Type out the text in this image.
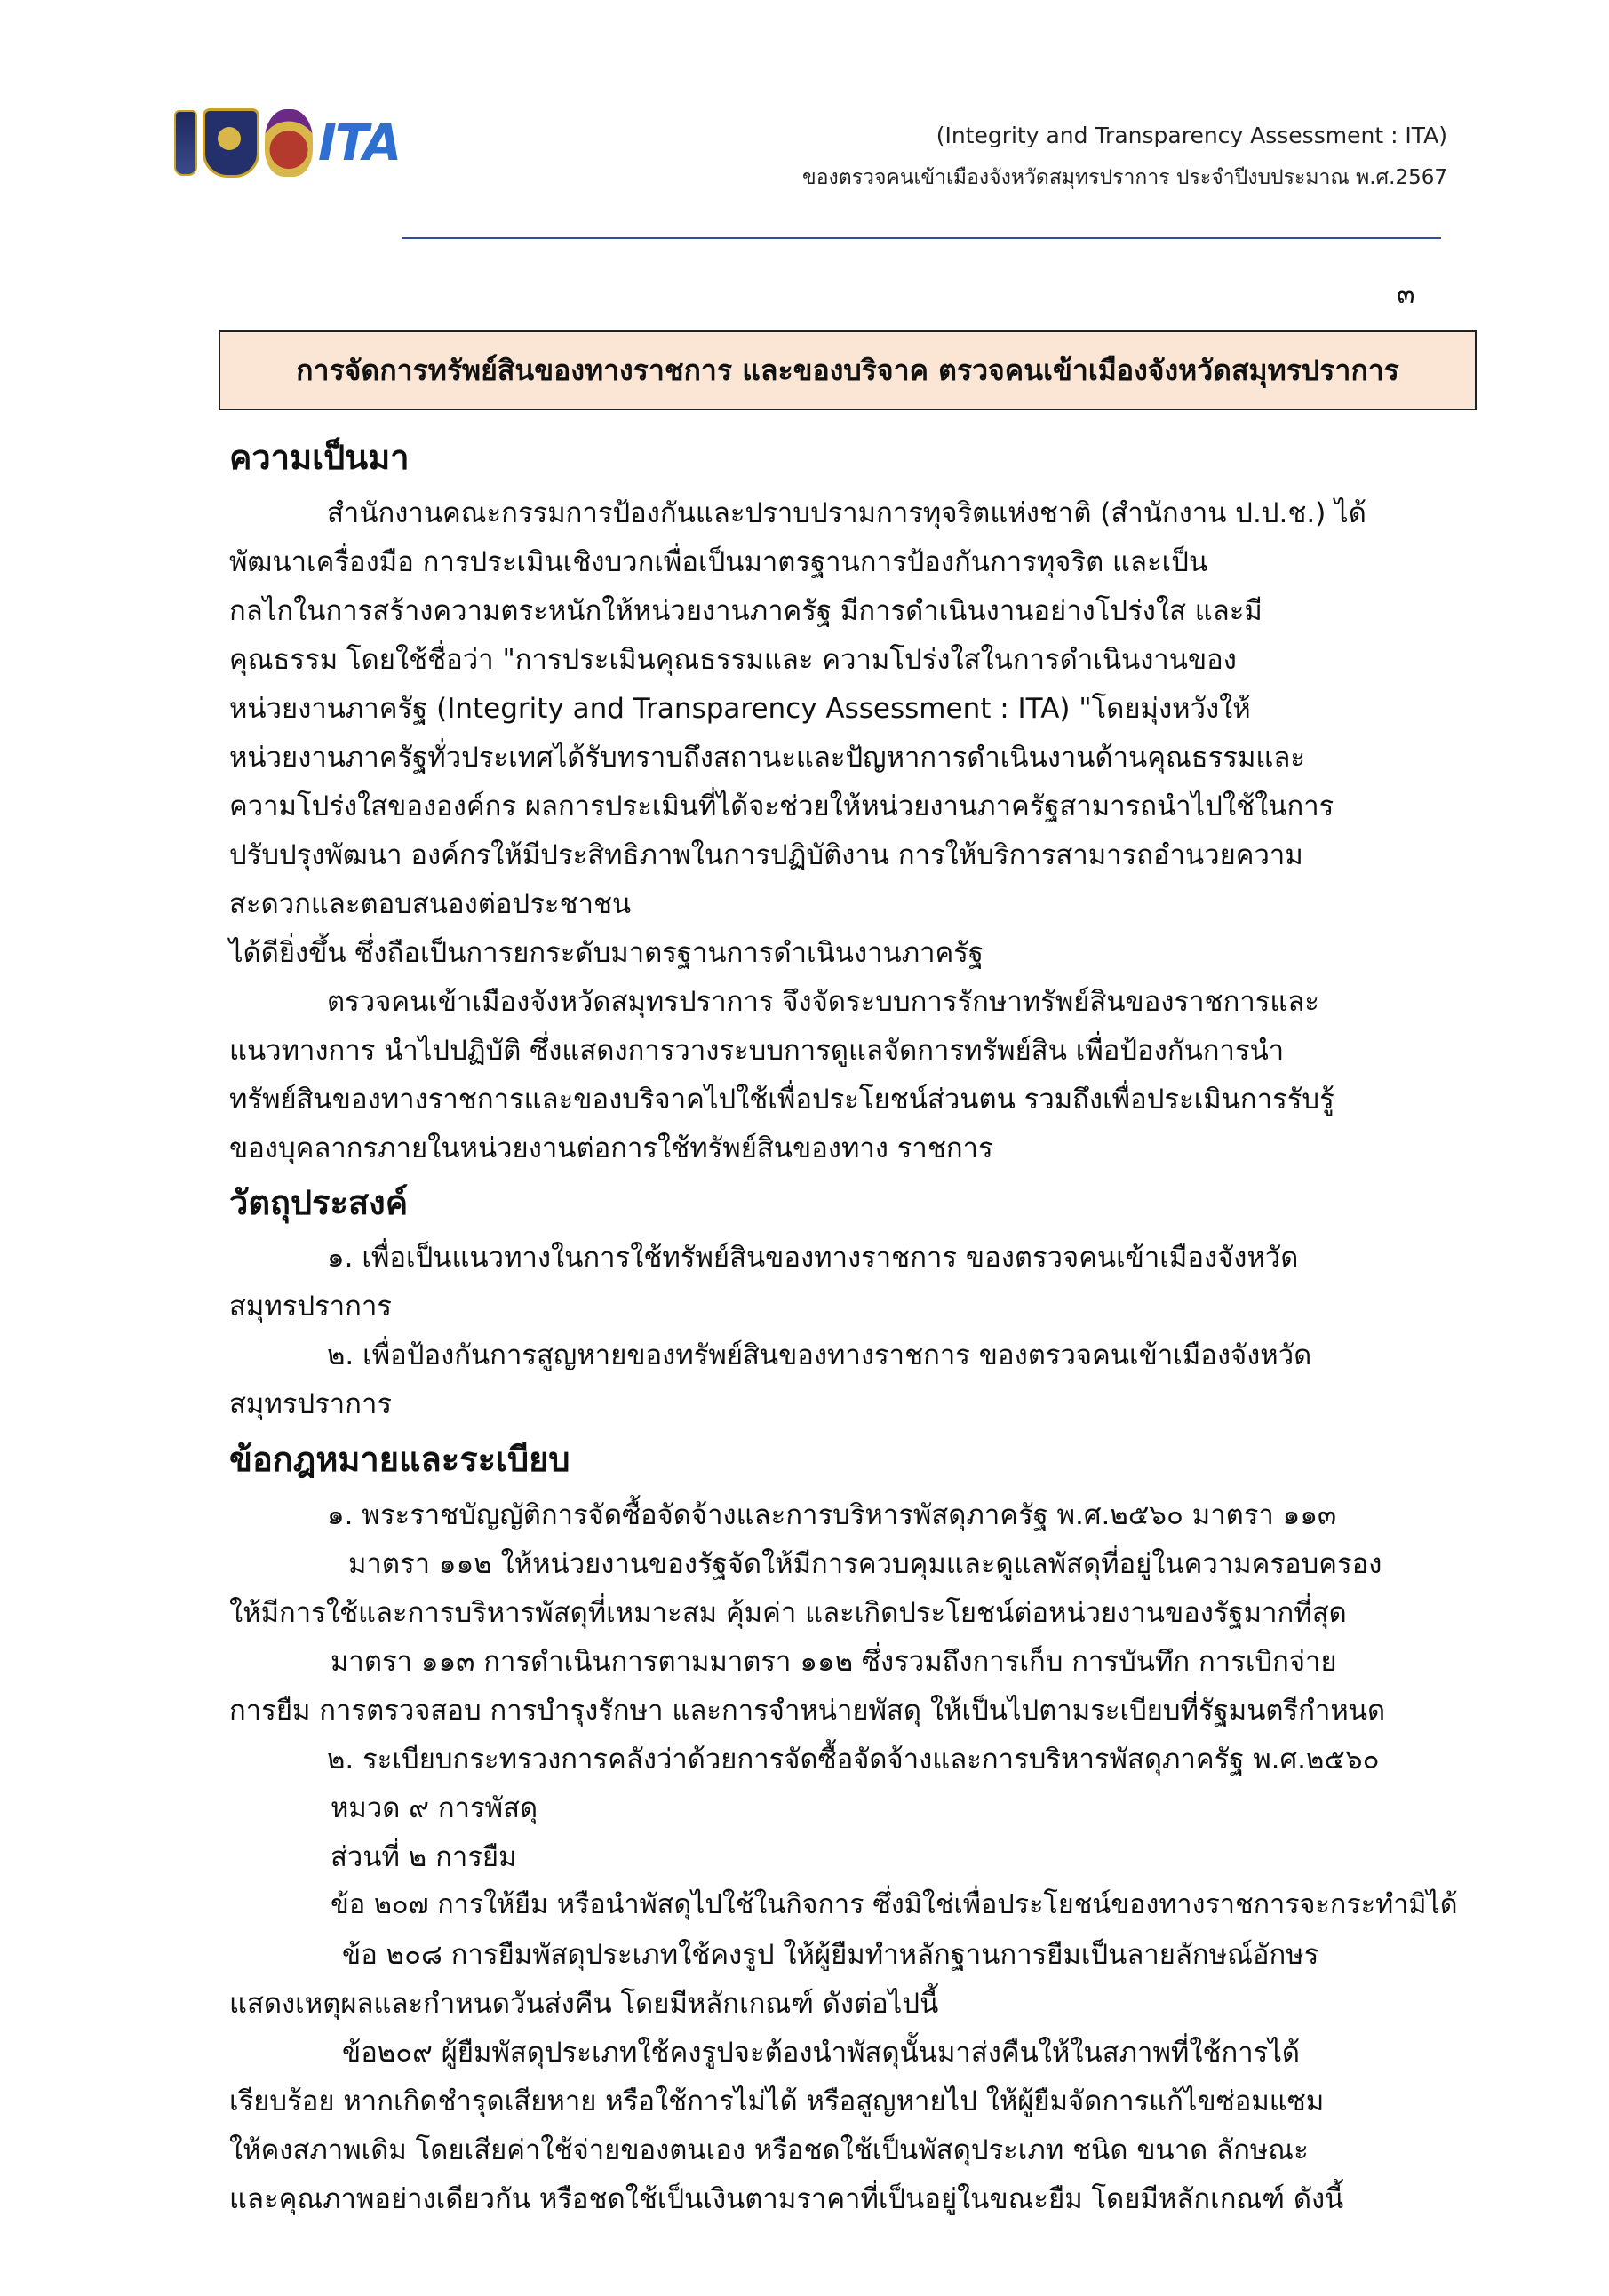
ITA	(Integrity and Transparency Assessment : ITA)
ของตรวจคนเข้าเมืองจังหวัดสมุทรปราการ ประจำปีงบประมาณ พ.ศ.2567
๓
การจัดการทรัพย์สินของทางราชการ และของบริจาค ตรวจคนเข้าเมืองจังหวัดสมุทรปราการ
ความเป็นมา
สำนักงานคณะกรรมการป้องกันและปราบปรามการทุจริตแห่งชาติ (สำนักงาน ป.ป.ช.) ได้
พัฒนาเครื่องมือ การประเมินเชิงบวกเพื่อเป็นมาตรฐานการป้องกันการทุจริต และเป็น
กลไกในการสร้างความตระหนักให้หน่วยงานภาครัฐ มีการดำเนินงานอย่างโปร่งใส และมี
คุณธรรม โดยใช้ชื่อว่า "การประเมินคุณธรรมและ ความโปร่งใสในการดำเนินงานของ
หน่วยงานภาครัฐ (Integrity and Transparency Assessment : ITA) "โดยมุ่งหวังให้
หน่วยงานภาครัฐทั่วประเทศได้รับทราบถึงสถานะและปัญหาการดำเนินงานด้านคุณธรรมและ
ความโปร่งใสขององค์กร ผลการประเมินที่ได้จะช่วยให้หน่วยงานภาครัฐสามารถนำไปใช้ในการ
ปรับปรุงพัฒนา องค์กรให้มีประสิทธิภาพในการปฏิบัติงาน การให้บริการสามารถอำนวยความ
สะดวกและตอบสนองต่อประชาชน
ได้ดียิ่งขึ้น ซึ่งถือเป็นการยกระดับมาตรฐานการดำเนินงานภาครัฐ
ตรวจคนเข้าเมืองจังหวัดสมุทรปราการ จึงจัดระบบการรักษาทรัพย์สินของราชการและ
แนวทางการ นำไปปฏิบัติ ซึ่งแสดงการวางระบบการดูแลจัดการทรัพย์สิน เพื่อป้องกันการนำ
ทรัพย์สินของทางราชการและของบริจาคไปใช้เพื่อประโยชน์ส่วนตน รวมถึงเพื่อประเมินการรับรู้
ของบุคลากรภายในหน่วยงานต่อการใช้ทรัพย์สินของทาง ราชการ
วัตถุประสงค์
๑. เพื่อเป็นแนวทางในการใช้ทรัพย์สินของทางราชการ ของตรวจคนเข้าเมืองจังหวัด
สมุทรปราการ
๒. เพื่อป้องกันการสูญหายของทรัพย์สินของทางราชการ ของตรวจคนเข้าเมืองจังหวัด
สมุทรปราการ
ข้อกฎหมายและระเบียบ
๑. พระราชบัญญัติการจัดซื้อจัดจ้างและการบริหารพัสดุภาครัฐ พ.ศ.๒๕๖๐ มาตรา ๑๑๓
มาตรา ๑๑๒ ให้หน่วยงานของรัฐจัดให้มีการควบคุมและดูแลพัสดุที่อยู่ในความครอบครอง
ให้มีการใช้และการบริหารพัสดุที่เหมาะสม คุ้มค่า และเกิดประโยชน์ต่อหน่วยงานของรัฐมากที่สุด
มาตรา ๑๑๓ การดำเนินการตามมาตรา ๑๑๒ ซึ่งรวมถึงการเก็บ การบันทึก การเบิกจ่าย
การยืม การตรวจสอบ การบำรุงรักษา และการจำหน่ายพัสดุ ให้เป็นไปตามระเบียบที่รัฐมนตรีกำหนด
๒. ระเบียบกระทรวงการคลังว่าด้วยการจัดซื้อจัดจ้างและการบริหารพัสดุภาครัฐ พ.ศ.๒๕๖๐
หมวด ๙ การพัสดุ
ส่วนที่ ๒ การยืม
ข้อ ๒๐๗ การให้ยืม หรือนำพัสดุไปใช้ในกิจการ ซึ่งมิใช่เพื่อประโยชน์ของทางราชการจะกระทำมิได้
ข้อ ๒๐๘ การยืมพัสดุประเภทใช้คงรูป ให้ผู้ยืมทำหลักฐานการยืมเป็นลายลักษณ์อักษร
แสดงเหตุผลและกำหนดวันส่งคืน โดยมีหลักเกณฑ์ ดังต่อไปนี้
ข้อ๒๐๙ ผู้ยืมพัสดุประเภทใช้คงรูปจะต้องนำพัสดุนั้นมาส่งคืนให้ในสภาพที่ใช้การได้
เรียบร้อย หากเกิดชำรุดเสียหาย หรือใช้การไม่ได้ หรือสูญหายไป ให้ผู้ยืมจัดการแก้ไขซ่อมแซม
ให้คงสภาพเดิม โดยเสียค่าใช้จ่ายของตนเอง หรือชดใช้เป็นพัสดุประเภท ชนิด ขนาด ลักษณะ
และคุณภาพอย่างเดียวกัน หรือชดใช้เป็นเงินตามราคาที่เป็นอยู่ในขณะยืม โดยมีหลักเกณฑ์ ดังนี้
